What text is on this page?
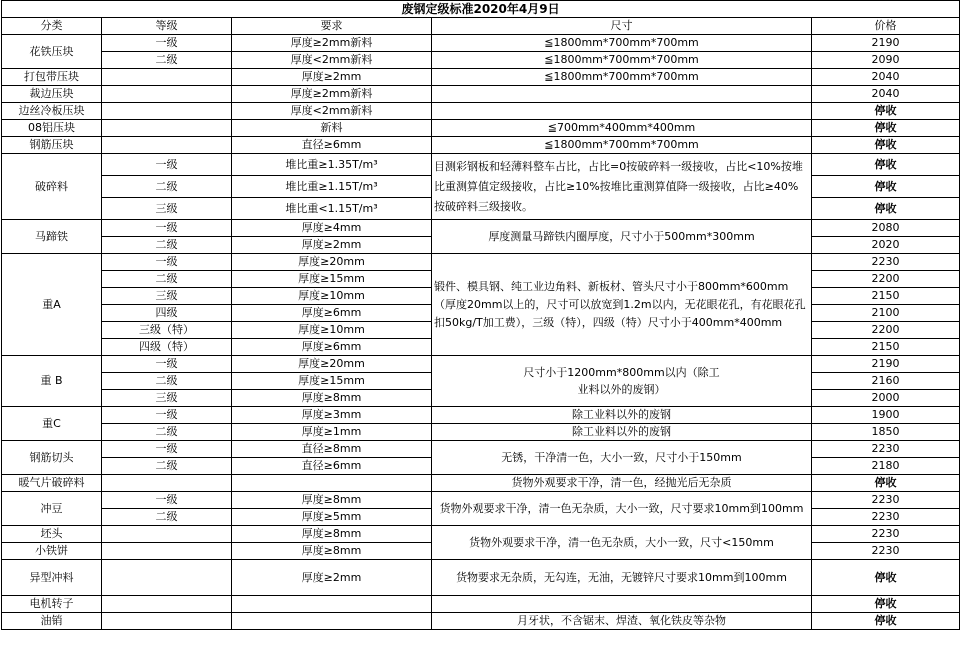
废钢定级标准2020年4月9日				
分类	等级	要求	尺寸	价格
花铁压块	一级	厚度≥2mm新料	≦1800mm*700mm*700mm	2190
	二级	厚度<2mm新料	≦1800mm*700mm*700mm	2090
打包带压块		厚度≥2mm	≦1800mm*700mm*700mm	2040
裁边压块		厚度≥2mm新料		2040
边丝冷板压块		厚度<2mm新料		停收
08铝压块		新料	≦700mm*400mm*400mm	停收
钢筋压块		直径≥6mm	≦1800mm*700mm*700mm	停收
破碎料	一级	堆比重≥1.35T/m³	目测彩钢板和轻薄料整车占比，占比=0按破碎料一级接收，占比<10%按堆比重测算值定级接收，占比≥10%按堆比重测算值降一级接收，占比≥40%按破碎料三级接收。	停收
	二级	堆比重≥1.15T/m³		停收
	三级	堆比重<1.15T/m³		停收
马蹄铁	一级	厚度≥4mm	厚度测量马蹄铁内圈厚度，尺寸小于500mm*300mm	2080
	二级	厚度≥2mm		2020
重A	一级	厚度≥20mm	锻件、模具钢、纯工业边角料、新板材、管头尺寸小于800mm*600mm（厚度20mm以上的，尺寸可以放宽到1.2m以内，无花眼花孔，有花眼花孔扣50kg/T加工费），三级（特），四级（特）尺寸小于400mm*400mm	2230
	二级	厚度≥15mm		2200
	三级	厚度≥10mm		2150
	四级	厚度≥6mm		2100
	三级（特）	厚度≥10mm		2200
	四级（特）	厚度≥6mm		2150
重 B	一级	厚度≥20mm	尺寸小于1200mm*800mm以内（除工业料以外的废钢）	2190
	二级	厚度≥15mm		2160
	三级	厚度≥8mm		2000
重C	一级	厚度≥3mm	除工业料以外的废钢	1900
	二级	厚度≥1mm	除工业料以外的废钢	1850
钢筋切头	一级	直径≥8mm	无锈，干净清一色，大小一致，尺寸小于150mm	2230
	二级	直径≥6mm		2180
暖气片破碎料			货物外观要求干净，清一色，经抛光后无杂质	停收
冲豆	一级	厚度≥8mm	货物外观要求干净，清一色无杂质，大小一致，尺寸要求10mm到100mm	2230
	二级	厚度≥5mm		2230
坯头		厚度≥8mm	货物外观要求干净，清一色无杂质，大小一致，尺寸<150mm	2230
小铁饼		厚度≥8mm		2230
异型冲料		厚度≥2mm	货物要求无杂质，无勾连，无油，无镀锌尺寸要求10mm到100mm	停收
电机转子				停收
油销			月牙状，不含锯末、焊渣、氧化铁皮等杂物	停收
